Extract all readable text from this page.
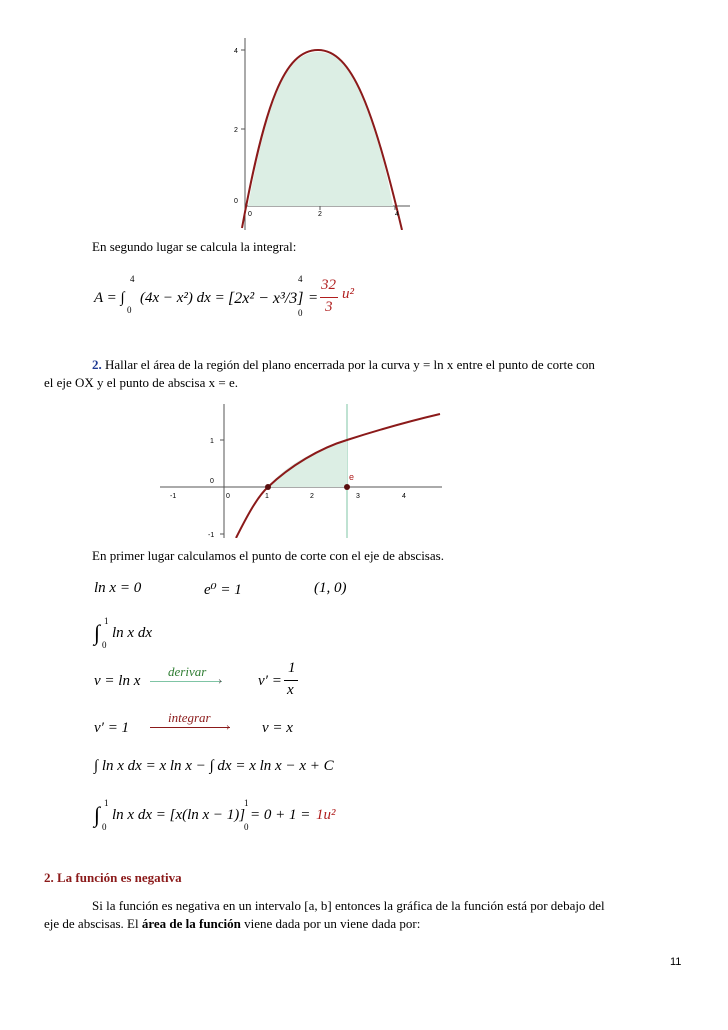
4
2
0
0	2	4
En segundo lugar se calcula la integral:
A = ∫
4
0
(4x − x²) dx = [2x² − x³/3]
4
0
=
32
3
u²
2. Hallar el área de la región del plano encerrada por la curva y = ln x entre el punto de corte con
el eje OX y el punto de abscisa x = e.
e
1
0
-1
-1	0	1	2	3	4
En primer lugar calculamos el punto de corte con el eje de abscisas.
ln x = 0	e⁰ = 1	(1, 0)
∫ 1
0
ln x dx
v = ln x
derivar
› v′ =
1
x
v′ = 1
integrar
› v = x
∫ ln x dx = x ln x − ∫ dx = x ln x − x + C
∫ 1
0
ln x dx = [x(ln x − 1)]
1
0
= 0 + 1 = 1u²
2. La función es negativa
Si la función es negativa en un intervalo [a, b] entonces la gráfica de la función está por debajo del
eje de abscisas. El área de la función viene dada por un viene dada por:
11
